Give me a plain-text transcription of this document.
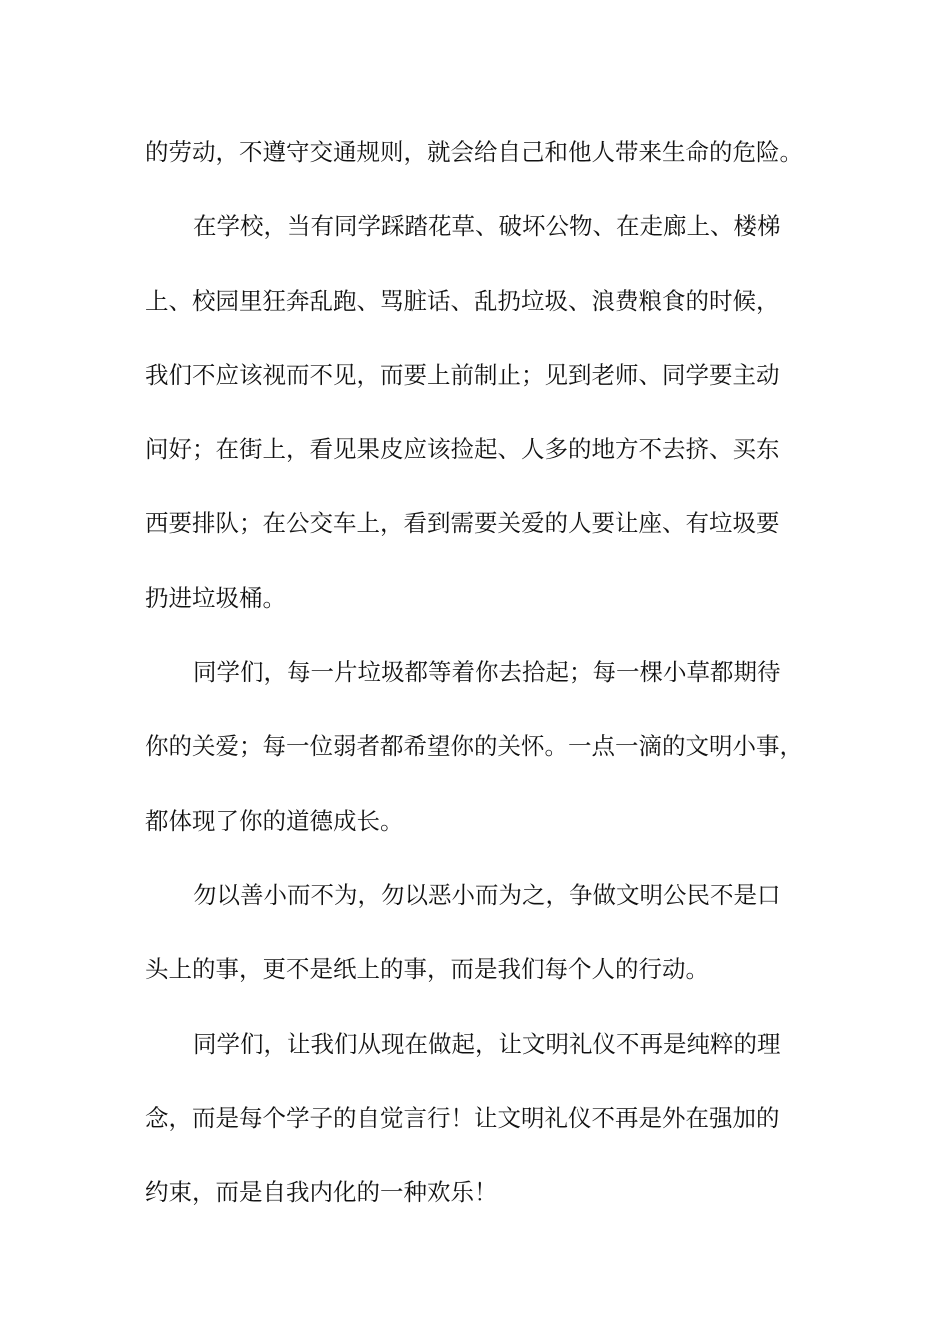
的劳动，不遵守交通规则，就会给自己和他人带来生命的危险。

在学校，当有同学踩踏花草、破坏公物、在走廊上、楼梯

上、校园里狂奔乱跑、骂脏话、乱扔垃圾、浪费粮食的时候，

我们不应该视而不见，而要上前制止；见到老师、同学要主动

问好；在街上，看见果皮应该捡起、人多的地方不去挤、买东

西要排队；在公交车上，看到需要关爱的人要让座、有垃圾要

扔进垃圾桶。

同学们，每一片垃圾都等着你去拾起；每一棵小草都期待

你的关爱；每一位弱者都希望你的关怀。一点一滴的文明小事，

都体现了你的道德成长。

勿以善小而不为，勿以恶小而为之，争做文明公民不是口

头上的事，更不是纸上的事，而是我们每个人的行动。

同学们，让我们从现在做起，让文明礼仪不再是纯粹的理

念，而是每个学子的自觉言行！让文明礼仪不再是外在强加的

约束，而是自我内化的一种欢乐！
